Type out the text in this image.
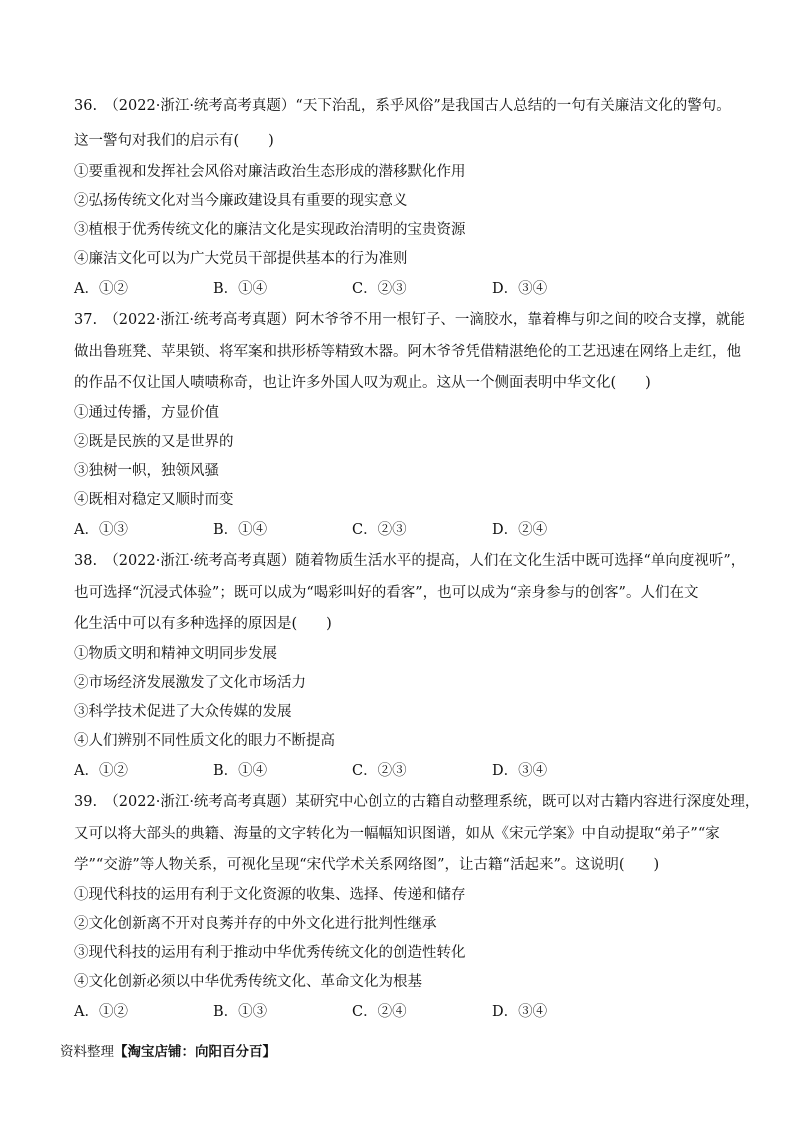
36.　（2022·浙江·统考高考真题）“天下治乱，系乎风俗”是我国古人总结的一句有关廉洁文化的警句。
这一警句对我们的启示有(　　)
①要重视和发挥社会风俗对廉洁政治生态形成的潜移默化作用
②弘扬传统文化对当今廉政建设具有重要的现实意义
③植根于优秀传统文化的廉洁文化是实现政治清明的宝贵资源
④廉洁文化可以为广大党员干部提供基本的行为准则
A．①②	B．①④	C．②③	D．③④
37.　（2022·浙江·统考高考真题）阿木爷爷不用一根钉子、一滴胶水，靠着榫与卯之间的咬合支撑，就能
做出鲁班凳、苹果锁、将军案和拱形桥等精致木器。阿木爷爷凭借精湛绝伦的工艺迅速在网络上走红，他
的作品不仅让国人啧啧称奇，也让许多外国人叹为观止。这从一个侧面表明中华文化(　　)
①通过传播，方显价值
②既是民族的又是世界的
③独树一帜，独领风骚
④既相对稳定又顺时而变
A．①③	B．①④	C．②③	D．②④
38.　（2022·浙江·统考高考真题）随着物质生活水平的提高，人们在文化生活中既可选择“单向度视听”，
也可选择“沉浸式体验”；既可以成为“喝彩叫好的看客”，也可以成为“亲身参与的创客”。人们在文
化生活中可以有多种选择的原因是(　　)
①物质文明和精神文明同步发展
②市场经济发展激发了文化市场活力
③科学技术促进了大众传媒的发展
④人们辨别不同性质文化的眼力不断提高
A．①②	B．①④	C．②③	D．③④
39.　（2022·浙江·统考高考真题）某研究中心创立的古籍自动整理系统，既可以对古籍内容进行深度处理，
又可以将大部头的典籍、海量的文字转化为一幅幅知识图谱，如从《宋元学案》中自动提取“弟子”“家
学”“交游”等人物关系，可视化呈现“宋代学术关系网络图”，让古籍“活起来”。这说明(　　)
①现代科技的运用有利于文化资源的收集、选择、传递和储存
②文化创新离不开对良莠并存的中外文化进行批判性继承
③现代科技的运用有利于推动中华优秀传统文化的创造性转化
④文化创新必须以中华优秀传统文化、革命文化为根基
A．①②	B．①③	C．②④	D．③④
资料整理【淘宝店铺：向阳百分百】
